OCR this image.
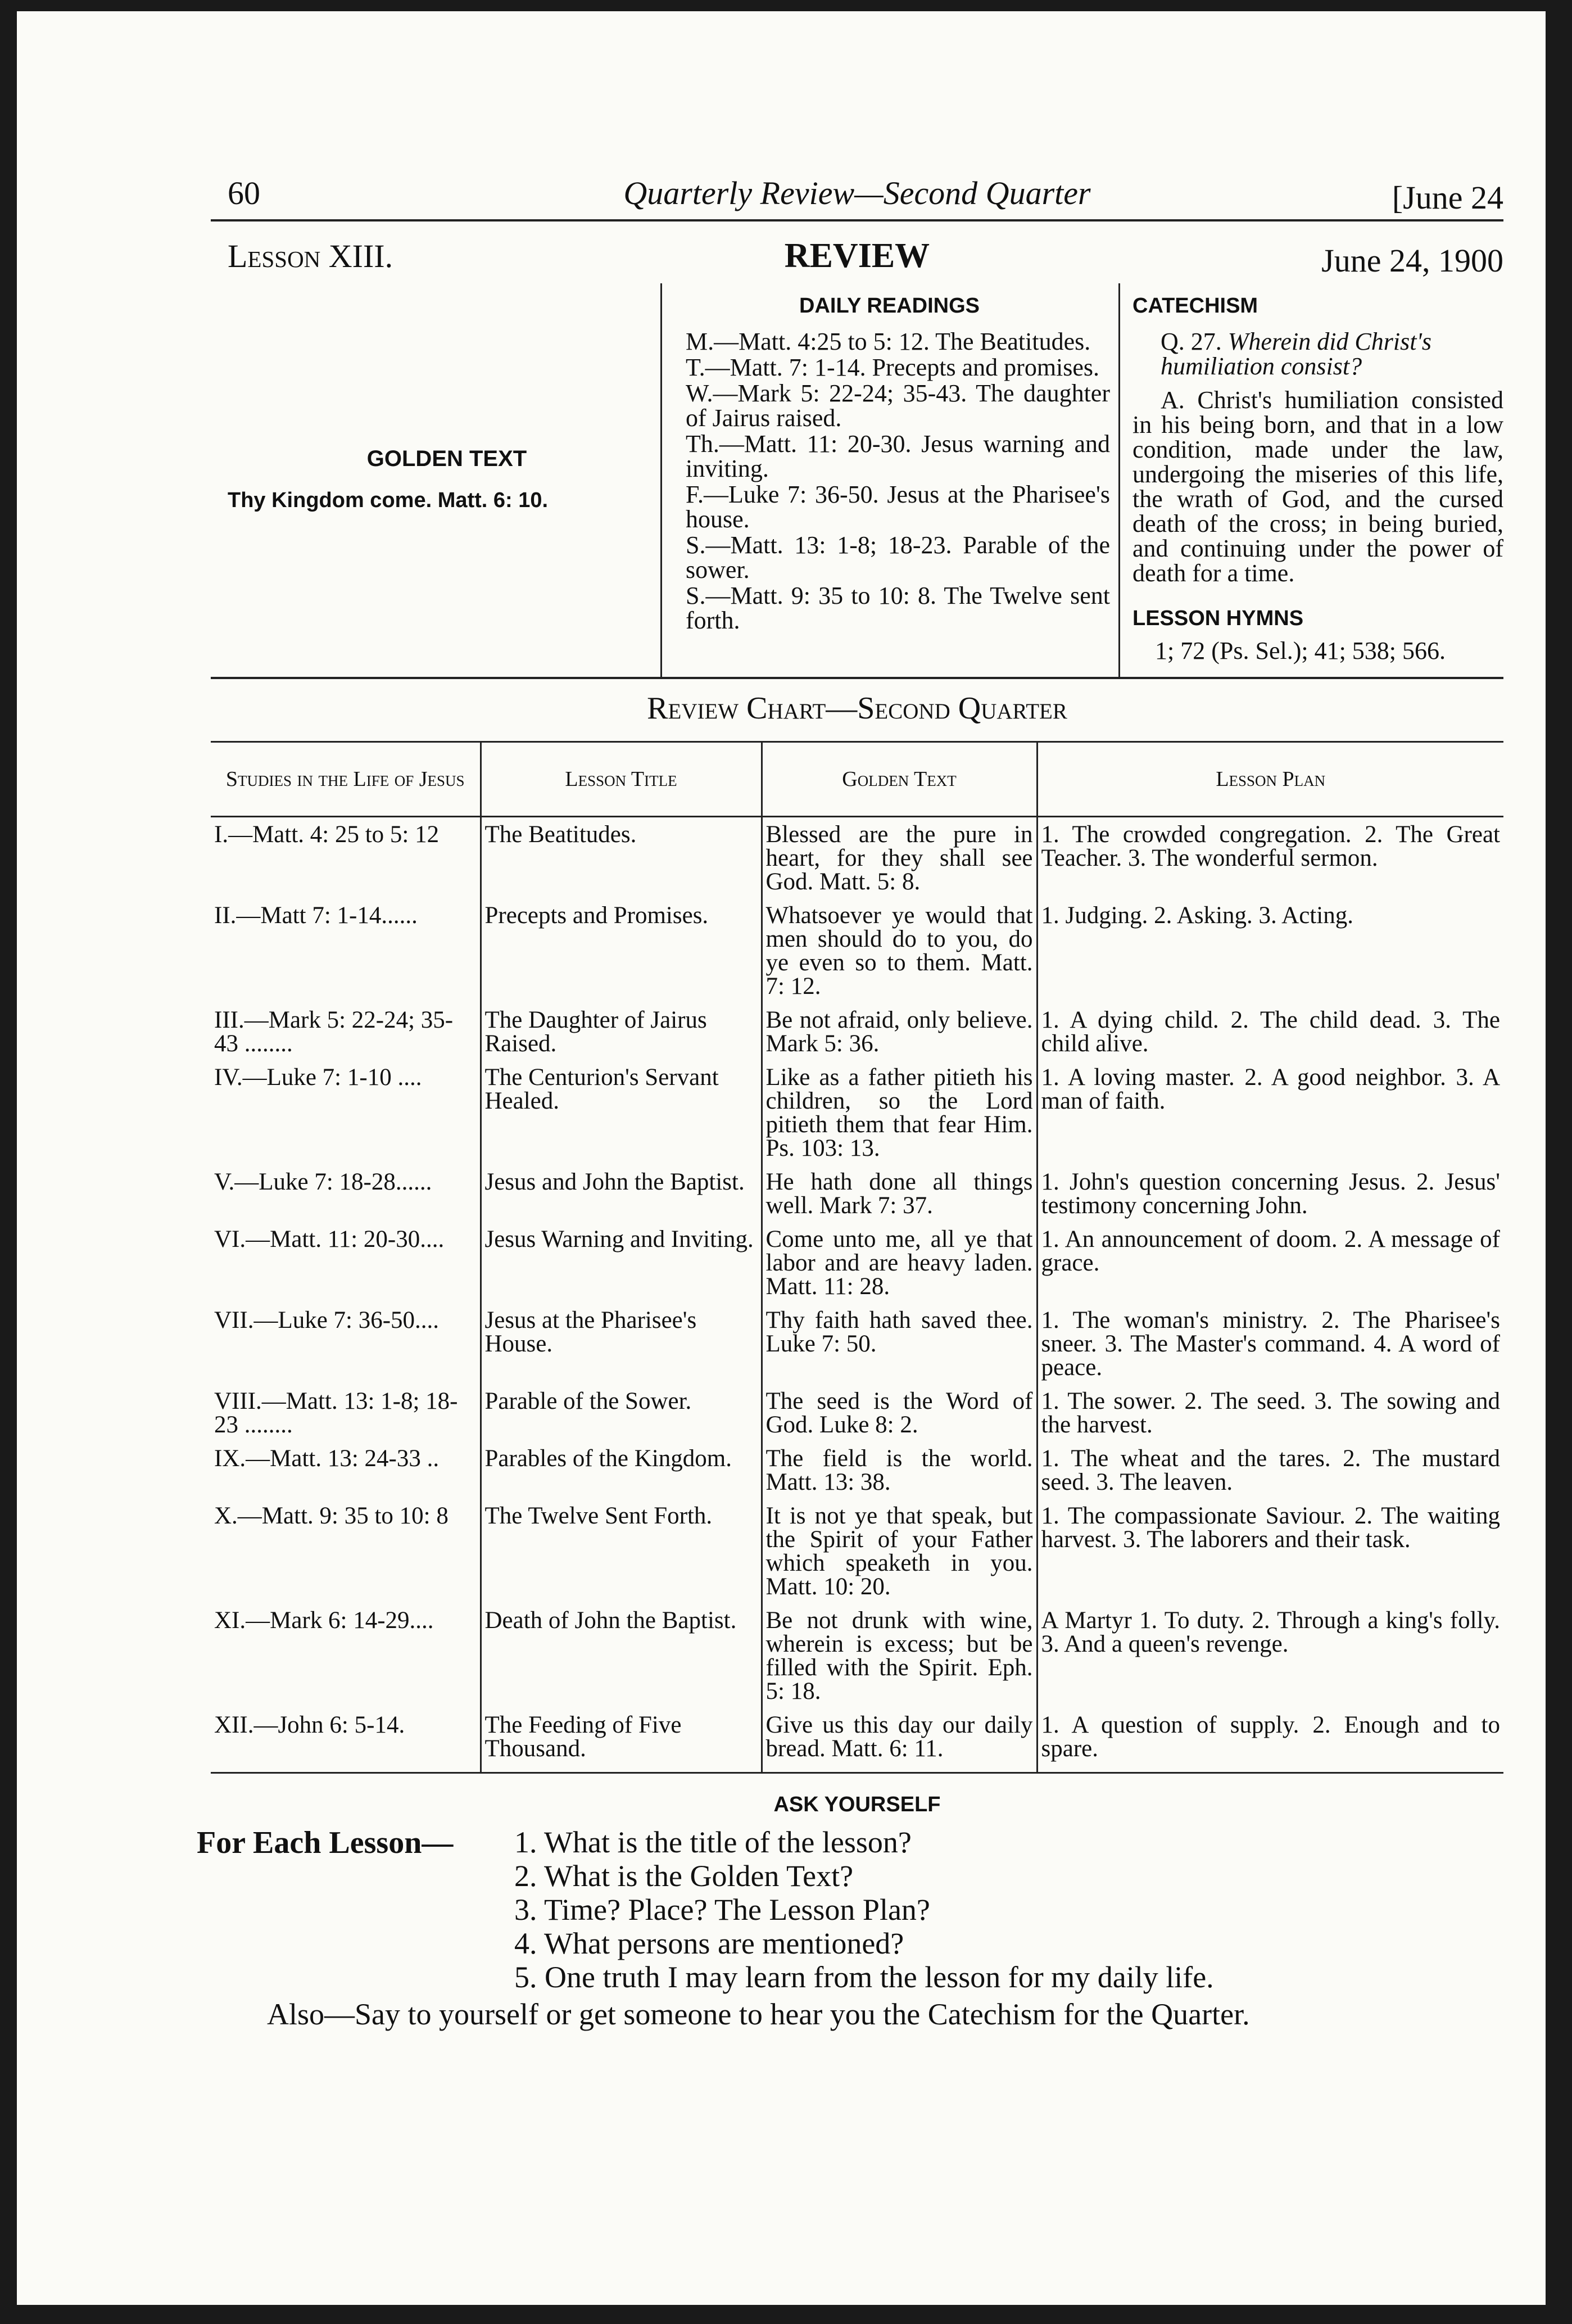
60	Quarterly Review—Second Quarter	[June 24
Lesson XIII.	REVIEW	June 24, 1900
GOLDEN TEXT
Thy Kingdom come. Matt. 6: 10.
DAILY READINGS
M.—Matt. 4:25 to 5: 12. The Beatitudes.
T.—Matt. 7: 1-14. Precepts and promises.
W.—Mark 5: 22-24; 35-43. The daughter of Jairus raised.
Th.—Matt. 11: 20-30. Jesus warning and inviting.
F.—Luke 7: 36-50. Jesus at the Pharisee's house.
S.—Matt. 13: 1-8; 18-23. Parable of the sower.
S.—Matt. 9: 35 to 10: 8. The Twelve sent forth.
CATECHISM
Q. 27. Wherein did Christ's humiliation consist?
A. Christ's humiliation consisted in his being born, and that in a low condition, made under the law, undergoing the miseries of this life, the wrath of God, and the cursed death of the cross; in being buried, and continuing under the power of death for a time.
LESSON HYMNS
1; 72 (Ps. Sel.); 41; 538; 566.
Review Chart—Second Quarter
Studies in the Life of Jesus	Lesson Title	Golden Text	Lesson Plan
I.—Matt. 4: 25 to 5: 12	The Beatitudes.	Blessed are the pure in heart, for they shall see God. Matt. 5: 8.	1. The crowded congregation. 2. The Great Teacher. 3. The wonderful sermon.
II.—Matt 7: 1-14......	Precepts and Promises.	Whatsoever ye would that men should do to you, do ye even so to them. Matt. 7: 12.	1. Judging. 2. Asking. 3. Acting.
III.—Mark 5: 22-24; 35-43 ........	The Daughter of Jairus Raised.	Be not afraid, only believe. Mark 5: 36.	1. A dying child. 2. The child dead. 3. The child alive.
IV.—Luke 7: 1-10 ....	The Centurion's Servant Healed.	Like as a father pitieth his children, so the Lord pitieth them that fear Him. Ps. 103: 13.	1. A loving master. 2. A good neighbor. 3. A man of faith.
V.—Luke 7: 18-28......	Jesus and John the Baptist.	He hath done all things well. Mark 7: 37.	1. John's question concerning Jesus. 2. Jesus' testimony concerning John.
VI.—Matt. 11: 20-30....	Jesus Warning and Inviting.	Come unto me, all ye that labor and are heavy laden. Matt. 11: 28.	1. An announcement of doom. 2. A message of grace.
VII.—Luke 7: 36-50....	Jesus at the Pharisee's House.	Thy faith hath saved thee. Luke 7: 50.	1. The woman's ministry. 2. The Pharisee's sneer. 3. The Master's command. 4. A word of peace.
VIII.—Matt. 13: 1-8; 18-23 ........	Parable of the Sower.	The seed is the Word of God. Luke 8: 2.	1. The sower. 2. The seed. 3. The sowing and the harvest.
IX.—Matt. 13: 24-33 ..	Parables of the Kingdom.	The field is the world. Matt. 13: 38.	1. The wheat and the tares. 2. The mustard seed. 3. The leaven.
X.—Matt. 9: 35 to 10: 8	The Twelve Sent Forth.	It is not ye that speak, but the Spirit of your Father which speaketh in you. Matt. 10: 20.	1. The compassionate Saviour. 2. The waiting harvest. 3. The laborers and their task.
XI.—Mark 6: 14-29....	Death of John the Baptist.	Be not drunk with wine, wherein is excess; but be filled with the Spirit. Eph. 5: 18.	A Martyr 1. To duty. 2. Through a king's folly. 3. And a queen's revenge.
XII.—John 6: 5-14.	The Feeding of Five Thousand.	Give us this day our daily bread. Matt. 6: 11.	1. A question of supply. 2. Enough and to spare.
ASK YOURSELF
For Each Lesson— 1. What is the title of the lesson?
2. What is the Golden Text?
3. Time? Place? The Lesson Plan?
4. What persons are mentioned?
5. One truth I may learn from the lesson for my daily life.
Also—Say to yourself or get someone to hear you the Catechism for the Quarter.
